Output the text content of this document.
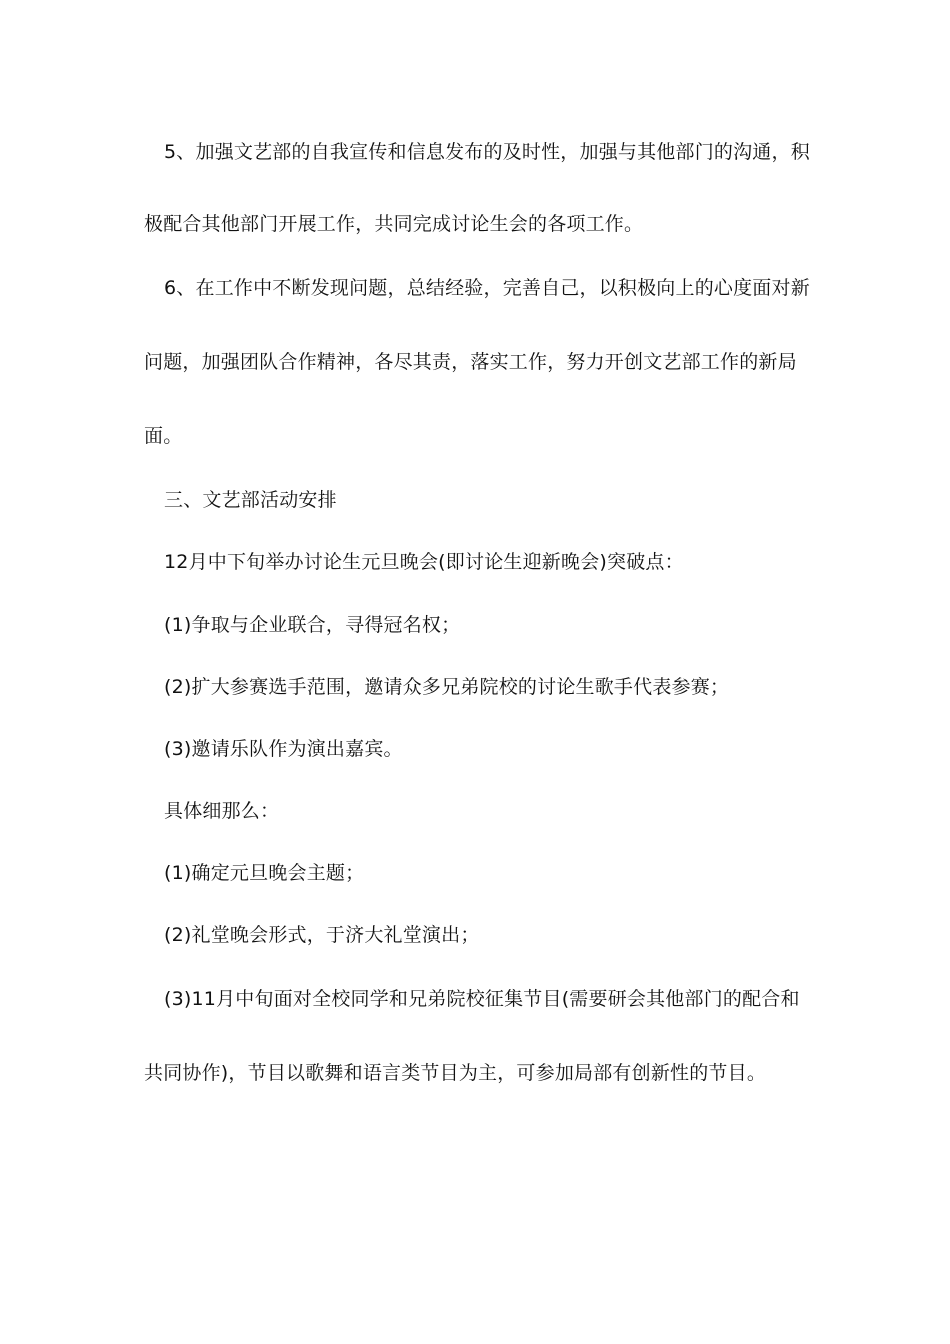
5、加强文艺部的自我宣传和信息发布的及时性，加强与其他部门的沟通，积

极配合其他部门开展工作，共同完成讨论生会的各项工作。

6、在工作中不断发现问题，总结经验，完善自己，以积极向上的心度面对新

问题，加强团队合作精神，各尽其责，落实工作，努力开创文艺部工作的新局

面。

三、文艺部活动安排

12月中下旬举办讨论生元旦晚会(即讨论生迎新晚会)突破点：

(1)争取与企业联合，寻得冠名权；

(2)扩大参赛选手范围，邀请众多兄弟院校的讨论生歌手代表参赛；

(3)邀请乐队作为演出嘉宾。

具体细那么：

(1)确定元旦晚会主题；

(2)礼堂晚会形式，于济大礼堂演出；

(3)11月中旬面对全校同学和兄弟院校征集节目(需要研会其他部门的配合和

共同协作)，节目以歌舞和语言类节目为主，可参加局部有创新性的节目。
